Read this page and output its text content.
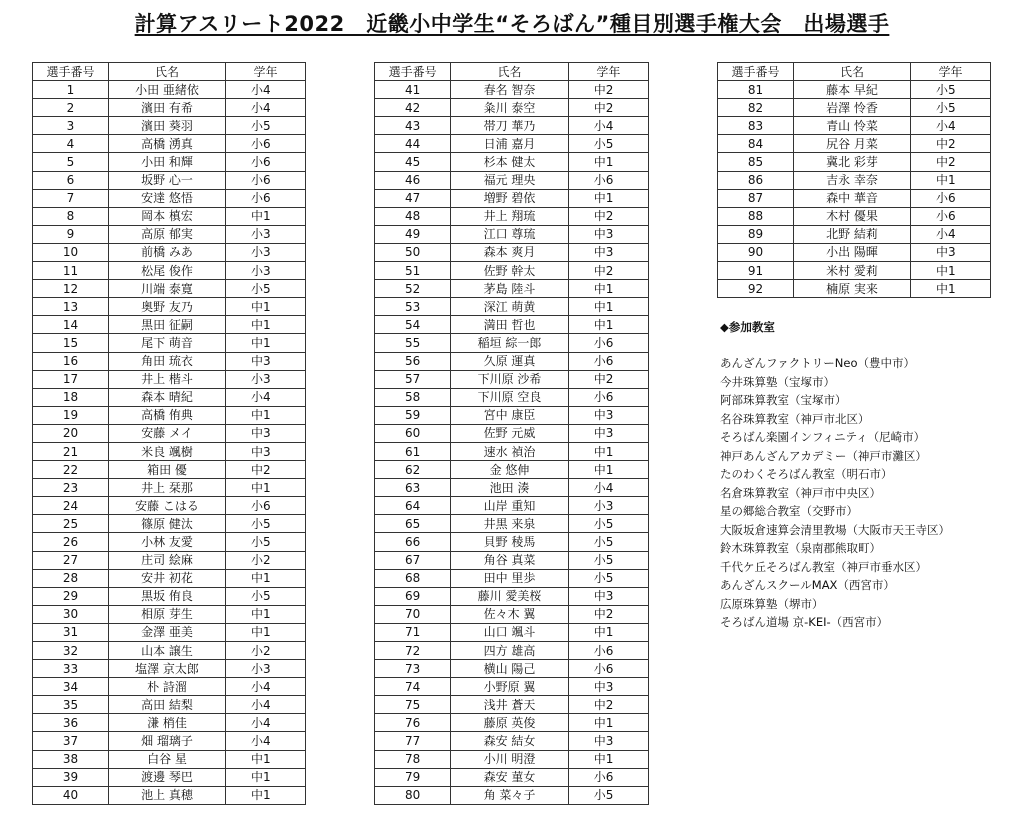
計算アスリート2022　近畿小中学生“そろばん”種目別選手権大会　出場選手
選手番号	氏名	学年
1	小田 亜緒依	小4
2	濱田 有希	小4
3	濱田 葵羽	小5
4	高橋 湧真	小6
5	小田 和輝	小6
6	坂野 心一	小6
7	安達 悠悟	小6
8	岡本 槙宏	中1
9	高原 郁実	小3
10	前橋 みあ	小3
11	松尾 俊作	小3
12	川端 泰寛	小5
13	奥野 友乃	中1
14	黒田 征嗣	中1
15	尾下 萌音	中1
16	角田 琉衣	中3
17	井上 楷斗	小3
18	森本 晴紀	小4
19	高橋 侑典	中1
20	安藤 メイ	中3
21	米良 颯樹	中3
22	箱田 優	中2
23	井上 栞那	中1
24	安藤 こはる	小6
25	篠原 健汰	小5
26	小林 友愛	小5
27	庄司 絵麻	小2
28	安井 初花	中1
29	黒坂 侑良	小5
30	相原 芽生	中1
31	金澤 亜美	中1
32	山本 譲生	小2
33	塩澤 京太郎	小3
34	朴 詩溜	小4
35	高田 結梨	小4
36	溓 梢佳	小4
37	畑 瑠璃子	小4
38	白谷 星	中1
39	渡邊 琴巴	中1
40	池上 真穂	中1
選手番号	氏名	学年
41	春名 智奈	中2
42	粂川 泰空	中2
43	帯刀 華乃	小4
44	日浦 嘉月	小5
45	杉本 健太	中1
46	福元 理央	小6
47	増野 碧依	中1
48	井上 翔琉	中2
49	江口 尊琉	中3
50	森本 爽月	中3
51	佐野 幹太	中2
52	茅島 陸斗	中1
53	深江 萌黄	中1
54	満田 哲也	中1
55	稲垣 綜一郎	小6
56	久原 運真	小6
57	下川原 沙希	中2
58	下川原 空良	小6
59	宮中 康臣	中3
60	佐野 元威	中3
61	速水 禎治	中1
62	金 悠伸	中1
63	池田 湊	小4
64	山岸 重知	小3
65	井黒 来泉	小5
66	貝野 稜馬	小5
67	角谷 真菜	小5
68	田中 里歩	小5
69	藤川 愛美桜	中3
70	佐々木 翼	中2
71	山口 颯斗	中1
72	四方 雄高	小6
73	横山 陽己	小6
74	小野原 翼	中3
75	浅井 蒼天	中2
76	藤原 英俊	中1
77	森安 結女	中3
78	小川 明澄	中1
79	森安 菫女	小6
80	角 菜々子	小5
選手番号	氏名	学年
81	藤本 早紀	小5
82	岩澤 怜香	小5
83	青山 怜菜	小4
84	尻谷 月菜	中2
85	冀北 彩芽	中2
86	吉永 幸奈	中1
87	森中 華音	小6
88	木村 優果	小6
89	北野 結莉	小4
90	小出 陽暉	中3
91	米村 愛莉	中1
92	楠原 実来	中1
◆参加教室
あんざんファクトリーNeo（豊中市）
今井珠算塾（宝塚市）
阿部珠算教室（宝塚市）
名谷珠算教室（神戸市北区）
そろばん楽園インフィニティ（尼崎市）
神戸あんざんアカデミー（神戸市灘区）
たのわくそろばん教室（明石市）
名倉珠算教室（神戸市中央区）
星の郷総合教室（交野市）
大阪坂倉速算会清里教場（大阪市天王寺区）
鈴木珠算教室（泉南郡熊取町）
千代ケ丘そろばん教室（神戸市垂水区）
あんざんスクールMAX（西宮市）
広原珠算塾（堺市）
そろばん道場 京-KEI-（西宮市）
